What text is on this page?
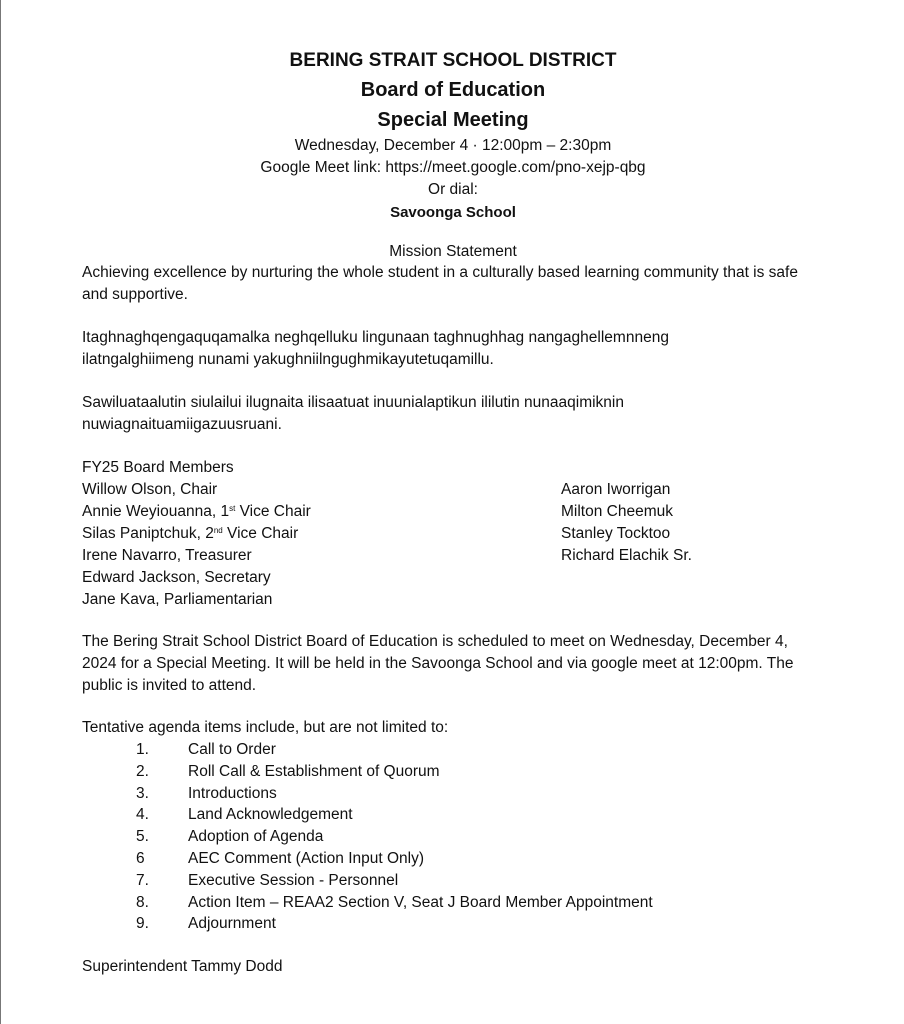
BERING STRAIT SCHOOL DISTRICT
Board of Education
Special Meeting
Wednesday, December 4 · 12:00pm – 2:30pm
Google Meet link: https://meet.google.com/pno-xejp-qbg
Or dial:
Savoonga School
Mission Statement
Achieving excellence by nurturing the whole student in a culturally based learning community that is safe and supportive.
Itaghnaghqengaquqamalka neghqelluku lingunaan taghnughhag nangaghellemnneng
ilatngalghiimeng nunami yakughniilngughmikayutetuqamillu.
Sawiluataalutin siulailui ilugnaita ilisaatuat inuunialaptikun ililutin nunaaqimiknin
nuwiagnaituamiigazuusruani.
FY25 Board Members
Willow Olson, Chair
Annie Weyiouanna, 1st Vice Chair
Silas Paniptchuk, 2nd Vice Chair
Irene Navarro, Treasurer
Edward Jackson, Secretary
Jane Kava, Parliamentarian
Aaron Iworrigan
Milton Cheemuk
Stanley Tocktoo
Richard Elachik Sr.
The Bering Strait School District Board of Education is scheduled to meet on Wednesday, December 4,
2024 for a Special Meeting. It will be held in the Savoonga School and via google meet at 12:00pm. The
public is invited to attend.
Tentative agenda items include, but are not limited to:
1.	Call to Order
2.	Roll Call & Establishment of Quorum
3.	Introductions
4.	Land Acknowledgement
5.	Adoption of Agenda
6	AEC Comment (Action Input Only)
7.	Executive Session - Personnel
8.	Action Item – REAA2 Section V, Seat J Board Member Appointment
9.	Adjournment
Superintendent Tammy Dodd
